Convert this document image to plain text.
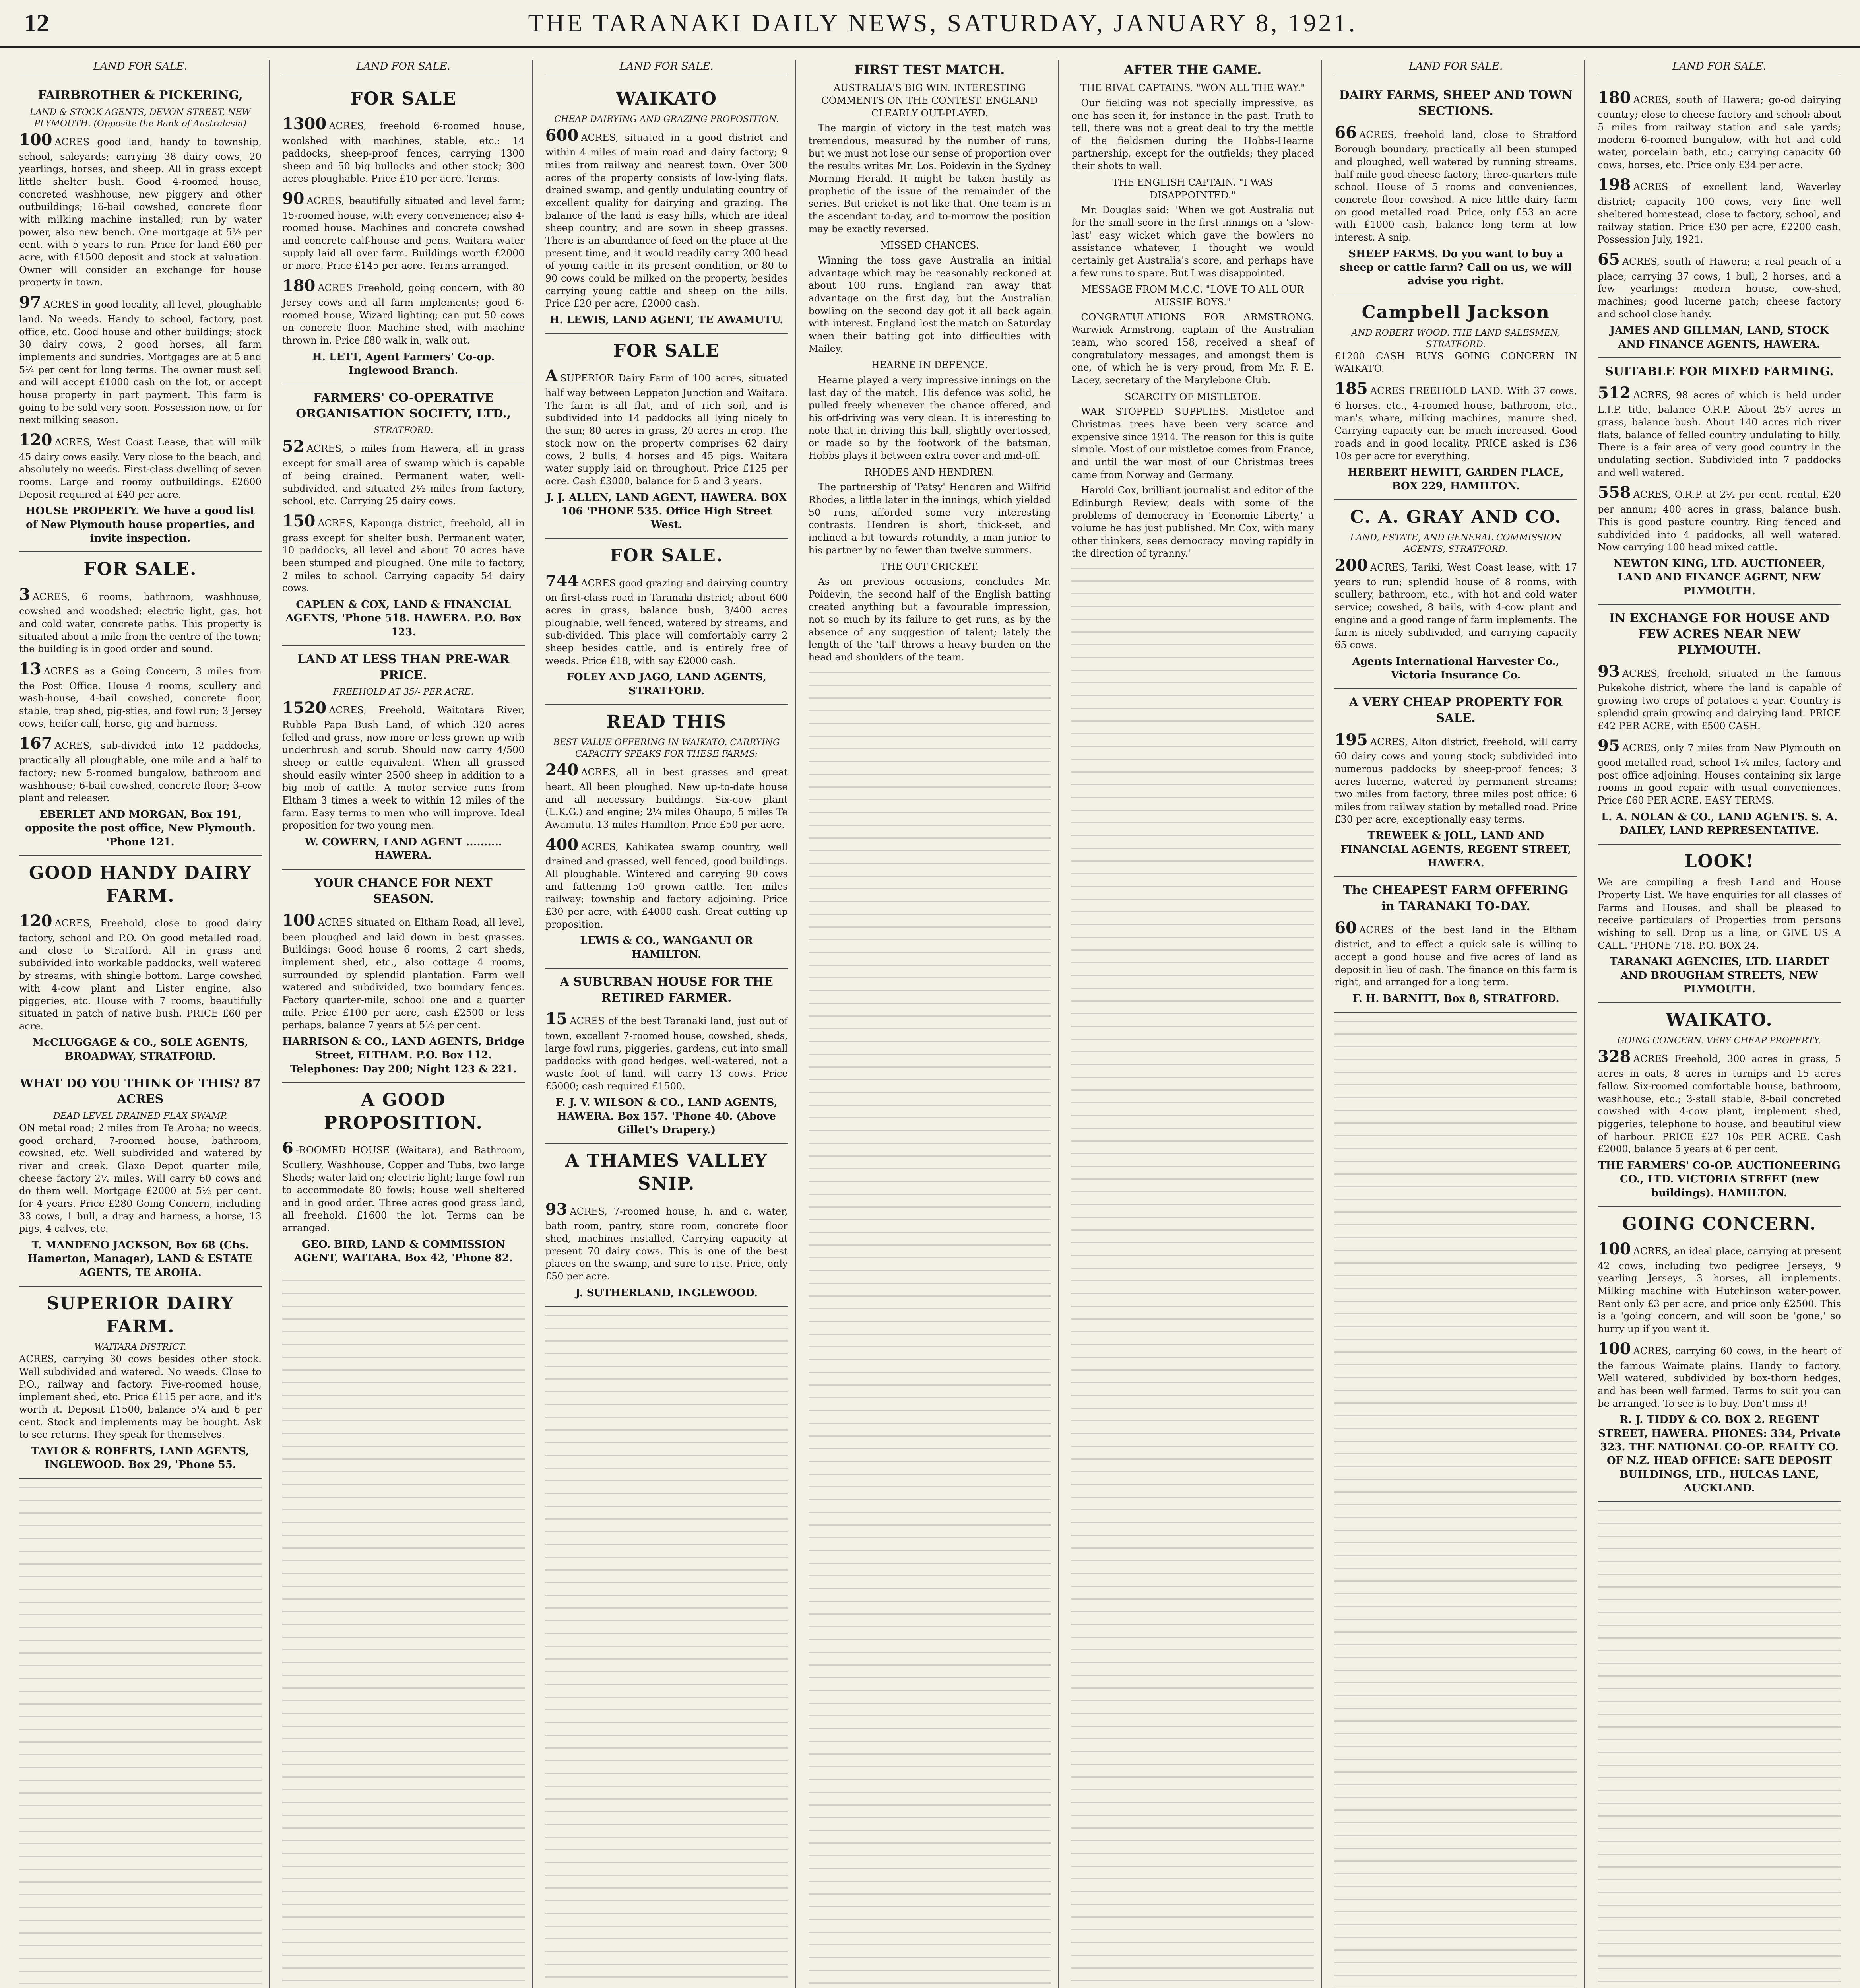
12	THE TARANAKI DAILY NEWS, SATURDAY, JANUARY 8, 1921.
LAND FOR SALE.
FAIRBROTHER & PICKERING,
LAND & STOCK AGENTS, DEVON STREET, NEW PLYMOUTH. (Opposite the Bank of Australasia)

100 ACRES good land, handy to township, school, saleyards; carrying 38 dairy cows, 20 yearlings, horses, and sheep. All in grass except little shelter bush. Good 4-roomed house, concreted washhouse, new piggery and other outbuildings; 16-bail cowshed, concrete floor with milking machine installed; run by water power, also new bench. One mortgage at 5½ per cent. with 5 years to run. Price for land £60 per acre, with £1500 deposit and stock at valuation. Owner will consider an exchange for house property in town.

97 ACRES in good locality, all level, ploughable land. No weeds. Handy to school, factory, post office, etc. Good house and other buildings; stock 30 dairy cows, 2 good horses, all farm implements and sundries. Mortgages are at 5 and 5¼ per cent for long terms. The owner must sell and will accept £1000 cash on the lot, or accept house property in part payment. This farm is going to be sold very soon. Possession now, or for next milking season.

120 ACRES, West Coast Lease, that will milk 45 dairy cows easily. Very close to the beach, and absolutely no weeds. First-class dwelling of seven rooms. Large and roomy outbuildings. £2600 Deposit required at £40 per acre.

HOUSE PROPERTY. We have a good list of New Plymouth house properties, and invite inspection.
FOR SALE.

3 ACRES, 6 rooms, bathroom, washhouse, cowshed and woodshed; electric light, gas, hot and cold water, concrete paths. This property is situated about a mile from the centre of the town; the building is in good order and sound.

13 ACRES as a Going Concern, 3 miles from the Post Office. House 4 rooms, scullery and wash-house, 4-bail cowshed, concrete floor, stable, trap shed, pig-sties, and fowl run; 3 Jersey cows, heifer calf, horse, gig and harness.

167 ACRES, sub-divided into 12 paddocks, practically all ploughable, one mile and a half to factory; new 5-roomed bungalow, bathroom and washhouse; 6-bail cowshed, concrete floor; 3-cow plant and releaser.

EBERLET AND MORGAN, Box 191, opposite the post office, New Plymouth. 'Phone 121.
GOOD HANDY DAIRY FARM.

120 ACRES, Freehold, close to good dairy factory, school and P.O. On good metalled road, and close to Stratford. All in grass and subdivided into workable paddocks, well watered by streams, with shingle bottom. Large cowshed with 4-cow plant and Lister engine, also piggeries, etc. House with 7 rooms, beautifully situated in patch of native bush. PRICE £60 per acre.

McCLUGGAGE & CO., SOLE AGENTS, BROADWAY, STRATFORD.
WHAT DO YOU THINK OF THIS? 87 ACRES
DEAD LEVEL DRAINED FLAX SWAMP.

ON metal road; 2 miles from Te Aroha; no weeds, good orchard, 7-roomed house, bathroom, cowshed, etc. Well subdivided and watered by river and creek. Glaxo Depot quarter mile, cheese factory 2½ miles. Will carry 60 cows and do them well. Mortgage £2000 at 5½ per cent. for 4 years. Price £280 Going Concern, including 33 cows, 1 bull, a dray and harness, a horse, 13 pigs, 4 calves, etc.

T. MANDENO JACKSON, Box 68 (Chs. Hamerton, Manager), LAND & ESTATE AGENTS, TE AROHA.
SUPERIOR DAIRY FARM.
WAITARA DISTRICT.

ACRES, carrying 30 cows besides other stock. Well subdivided and watered. No weeds. Close to P.O., railway and factory. Five-roomed house, implement shed, etc. Price £115 per acre, and it's worth it. Deposit £1500, balance 5¼ and 6 per cent. Stock and implements may be bought. Ask to see returns. They speak for themselves.

TAYLOR & ROBERTS, LAND AGENTS, INGLEWOOD. Box 29, 'Phone 55.
LAND FOR SALE.
FOR SALE

1300 ACRES, freehold 6-roomed house, woolshed with machines, stable, etc.; 14 paddocks, sheep-proof fences, carrying 1300 sheep and 50 big bullocks and other stock; 300 acres ploughable. Price £10 per acre. Terms.

90 ACRES, beautifully situated and level farm; 15-roomed house, with every convenience; also 4-roomed house. Machines and concrete cowshed and concrete calf-house and pens. Waitara water supply laid all over farm. Buildings worth £2000 or more. Price £145 per acre. Terms arranged.

180 ACRES Freehold, going concern, with 80 Jersey cows and all farm implements; good 6-roomed house, Wizard lighting; can put 50 cows on concrete floor. Machine shed, with machine thrown in. Price £80 walk in, walk out.

H. LETT, Agent Farmers' Co-op. Inglewood Branch.
FARMERS' CO-OPERATIVE ORGANISATION SOCIETY, LTD.,
STRATFORD.

52 ACRES, 5 miles from Hawera, all in grass except for small area of swamp which is capable of being drained. Permanent water, well-subdivided, and situated 2½ miles from factory, school, etc. Carrying 25 dairy cows.

150 ACRES, Kaponga district, freehold, all in grass except for shelter bush. Permanent water, 10 paddocks, all level and about 70 acres have been stumped and ploughed. One mile to factory, 2 miles to school. Carrying capacity 54 dairy cows.

CAPLEN & COX, LAND & FINANCIAL AGENTS, 'Phone 518. HAWERA. P.O. Box 123.
LAND AT LESS THAN PRE-WAR PRICE.
FREEHOLD AT 35/- PER ACRE.

1520 ACRES, Freehold, Waitotara River, Rubble Papa Bush Land, of which 320 acres felled and grass, now more or less grown up with underbrush and scrub. Should now carry 4/500 sheep or cattle equivalent. When all grassed should easily winter 2500 sheep in addition to a big mob of cattle. A motor service runs from Eltham 3 times a week to within 12 miles of the farm. Easy terms to men who will improve. Ideal proposition for two young men.

W. COWERN, LAND AGENT .......... HAWERA.
YOUR CHANCE FOR NEXT SEASON.

100 ACRES situated on Eltham Road, all level, been ploughed and laid down in best grasses. Buildings: Good house 6 rooms, 2 cart sheds, implement shed, etc., also cottage 4 rooms, surrounded by splendid plantation. Farm well watered and subdivided, two boundary fences. Factory quarter-mile, school one and a quarter mile. Price £100 per acre, cash £2500 or less perhaps, balance 7 years at 5½ per cent.

HARRISON & CO., LAND AGENTS, Bridge Street, ELTHAM. P.O. Box 112. Telephones: Day 200; Night 123 & 221.
A GOOD PROPOSITION.

6 -ROOMED HOUSE (Waitara), and Bathroom, Scullery, Washhouse, Copper and Tubs, two large Sheds; water laid on; electric light; large fowl run to accommodate 80 fowls; house well sheltered and in good order. Three acres good grass land, all freehold. £1600 the lot. Terms can be arranged.

GEO. BIRD, LAND & COMMISSION AGENT, WAITARA. Box 42, 'Phone 82.
LAND FOR SALE.
WAIKATO
CHEAP DAIRYING AND GRAZING PROPOSITION.

600 ACRES, situated in a good district and within 4 miles of main road and dairy factory; 9 miles from railway and nearest town. Over 300 acres of the property consists of low-lying flats, drained swamp, and gently undulating country of excellent quality for dairying and grazing. The balance of the land is easy hills, which are ideal sheep country, and are sown in sheep grasses. There is an abundance of feed on the place at the present time, and it would readily carry 200 head of young cattle in its present condition, or 80 to 90 cows could be milked on the property, besides carrying young cattle and sheep on the hills. Price £20 per acre, £2000 cash.

H. LEWIS, LAND AGENT, TE AWAMUTU.
FOR SALE

ASUPERIOR Dairy Farm of 100 acres, situated half way between Leppeton Junction and Waitara. The farm is all flat, and of rich soil, and is subdivided into 14 paddocks all lying nicely to the sun; 80 acres in grass, 20 acres in crop. The stock now on the property comprises 62 dairy cows, 2 bulls, 4 horses and 45 pigs. Waitara water supply laid on throughout. Price £125 per acre. Cash £3000, balance for 5 and 3 years.

J. J. ALLEN, LAND AGENT, HAWERA. BOX 106 'PHONE 535. Office High Street West.
FOR SALE.

744 ACRES good grazing and dairying country on first-class road in Taranaki district; about 600 acres in grass, balance bush, 3/400 acres ploughable, well fenced, watered by streams, and sub-divided. This place will comfortably carry 2 sheep besides cattle, and is entirely free of weeds. Price £18, with say £2000 cash.

FOLEY AND JAGO, LAND AGENTS, STRATFORD.
READ THIS
BEST VALUE OFFERING IN WAIKATO. CARRYING CAPACITY SPEAKS FOR THESE FARMS:

240 ACRES, all in best grasses and great heart. All been ploughed. New up-to-date house and all necessary buildings. Six-cow plant (L.K.G.) and engine; 2¼ miles Ohaupo, 5 miles Te Awamutu, 13 miles Hamilton. Price £50 per acre.

400 ACRES, Kahikatea swamp country, well drained and grassed, well fenced, good buildings. All ploughable. Wintered and carrying 90 cows and fattening 150 grown cattle. Ten miles railway; township and factory adjoining. Price £30 per acre, with £4000 cash. Great cutting up proposition.

LEWIS & CO., WANGANUI OR HAMILTON.
A SUBURBAN HOUSE FOR THE RETIRED FARMER.

15 ACRES of the best Taranaki land, just out of town, excellent 7-roomed house, cowshed, sheds, large fowl runs, piggeries, gardens, cut into small paddocks with good hedges, well-watered, not a waste foot of land, will carry 13 cows. Price £5000; cash required £1500.

F. J. V. WILSON & CO., LAND AGENTS, HAWERA. Box 157. 'Phone 40. (Above Gillet's Drapery.)
A THAMES VALLEY SNIP.

93 ACRES, 7-roomed house, h. and c. water, bath room, pantry, store room, concrete floor shed, machines installed. Carrying capacity at present 70 dairy cows. This is one of the best places on the swamp, and sure to rise. Price, only £50 per acre.

J. SUTHERLAND, INGLEWOOD.
FIRST TEST MATCH.
AUSTRALIA'S BIG WIN. INTERESTING COMMENTS ON THE CONTEST. ENGLAND CLEARLY OUT-PLAYED.

The margin of victory in the test match was tremendous, measured by the number of runs, but we must not lose our sense of proportion over the results writes Mr. Los. Poidevin in the Sydney Morning Herald. It might be taken hastily as prophetic of the issue of the remainder of the series. But cricket is not like that. One team is in the ascendant to-day, and to-morrow the position may be exactly reversed.

MISSED CHANCES.

Winning the toss gave Australia an initial advantage which may be reasonably reckoned at about 100 runs. England ran away that advantage on the first day, but the Australian bowling on the second day got it all back again with interest. England lost the match on Saturday when their batting got into difficulties with Mailey.

HEARNE IN DEFENCE.

Hearne played a very impressive innings on the last day of the match. His defence was solid, he pulled freely whenever the chance offered, and his off-driving was very clean. It is interesting to note that in driving this ball, slightly overtossed, or made so by the footwork of the batsman, Hobbs plays it between extra cover and mid-off.

RHODES AND HENDREN.

The partnership of 'Patsy' Hendren and Wilfrid Rhodes, a little later in the innings, which yielded 50 runs, afforded some very interesting contrasts. Hendren is short, thick-set, and inclined a bit towards rotundity, a man junior to his partner by no fewer than twelve summers.

THE OUT CRICKET.

As on previous occasions, concludes Mr. Poidevin, the second half of the English batting created anything but a favourable impression, not so much by its failure to get runs, as by the absence of any suggestion of talent; lately the length of the 'tail' throws a heavy burden on the head and shoulders of the team.

AFTER THE GAME.
THE RIVAL CAPTAINS. "WON ALL THE WAY."

Our fielding was not specially impressive, as one has seen it, for instance in the past. Truth to tell, there was not a great deal to try the mettle of the fieldsmen during the Hobbs-Hearne partnership, except for the outfields; they placed their shots to well.

THE ENGLISH CAPTAIN. "I WAS DISAPPOINTED."

Mr. Douglas said: "When we got Australia out for the small score in the first innings on a 'slow-last' easy wicket which gave the bowlers no assistance whatever, I thought we would certainly get Australia's score, and perhaps have a few runs to spare. But I was disappointed.

MESSAGE FROM M.C.C. "LOVE TO ALL OUR AUSSIE BOYS."

CONGRATULATIONS FOR ARMSTRONG. Warwick Armstrong, captain of the Australian team, who scored 158, received a sheaf of congratulatory messages, and amongst them is one, of which he is very proud, from Mr. F. E. Lacey, secretary of the Marylebone Club.

SCARCITY OF MISTLETOE.

WAR STOPPED SUPPLIES. Mistletoe and Christmas trees have been very scarce and expensive since 1914. The reason for this is quite simple. Most of our mistletoe comes from France, and until the war most of our Christmas trees came from Norway and Germany.

Harold Cox, brilliant journalist and editor of the Edinburgh Review, deals with some of the problems of democracy in 'Economic Liberty,' a volume he has just published. Mr. Cox, with many other thinkers, sees democracy 'moving rapidly in the direction of tyranny.'

LAND FOR SALE.
DAIRY FARMS, SHEEP AND TOWN SECTIONS.

66 ACRES, freehold land, close to Stratford Borough boundary, practically all been stumped and ploughed, well watered by running streams, half mile good cheese factory, three-quarters mile school. House of 5 rooms and conveniences, concrete floor cowshed. A nice little dairy farm on good metalled road. Price, only £53 an acre with £1000 cash, balance long term at low interest. A snip.

SHEEP FARMS. Do you want to buy a sheep or cattle farm? Call on us, we will advise you right.
Campbell Jackson
AND ROBERT WOOD. THE LAND SALESMEN, STRATFORD.

£1200 CASH BUYS GOING CONCERN IN WAIKATO.

185 ACRES FREEHOLD LAND. With 37 cows, 6 horses, etc., 4-roomed house, bathroom, etc., man's whare, milking machines, manure shed. Carrying capacity can be much increased. Good roads and in good locality. PRICE asked is £36 10s per acre for everything.

HERBERT HEWITT, GARDEN PLACE, BOX 229, HAMILTON.
C. A. GRAY AND CO.
LAND, ESTATE, AND GENERAL COMMISSION AGENTS, STRATFORD.

200 ACRES, Tariki, West Coast lease, with 17 years to run; splendid house of 8 rooms, with scullery, bathroom, etc., with hot and cold water service; cowshed, 8 bails, with 4-cow plant and engine and a good range of farm implements. The farm is nicely subdivided, and carrying capacity 65 cows.

Agents International Harvester Co., Victoria Insurance Co.
A VERY CHEAP PROPERTY FOR SALE.

195 ACRES, Alton district, freehold, will carry 60 dairy cows and young stock; subdivided into numerous paddocks by sheep-proof fences; 3 acres lucerne, watered by permanent streams; two miles from factory, three miles post office; 6 miles from railway station by metalled road. Price £30 per acre, exceptionally easy terms.

TREWEEK & JOLL, LAND AND FINANCIAL AGENTS, REGENT STREET, HAWERA.
The CHEAPEST FARM OFFERING in TARANAKI TO-DAY.

60 ACRES of the best land in the Eltham district, and to effect a quick sale is willing to accept a good house and five acres of land as deposit in lieu of cash. The finance on this farm is right, and arranged for a long term.

F. H. BARNITT, Box 8, STRATFORD.
LAND FOR SALE.

180 ACRES, south of Hawera; go-od dairying country; close to cheese factory and school; about 5 miles from railway station and sale yards; modern 6-roomed bungalow, with hot and cold water, porcelain bath, etc.; carrying capacity 60 cows, horses, etc. Price only £34 per acre.

198 ACRES of excellent land, Waverley district; capacity 100 cows, very fine well sheltered homestead; close to factory, school, and railway station. Price £30 per acre, £2200 cash. Possession July, 1921.

65 ACRES, south of Hawera; a real peach of a place; carrying 37 cows, 1 bull, 2 horses, and a few yearlings; modern house, cow-shed, machines; good lucerne patch; cheese factory and school close handy.

JAMES AND GILLMAN, LAND, STOCK AND FINANCE AGENTS, HAWERA.
SUITABLE FOR MIXED FARMING.

512 ACRES, 98 acres of which is held under L.I.P. title, balance O.R.P. About 257 acres in grass, balance bush. About 140 acres rich river flats, balance of felled country undulating to hilly. There is a fair area of very good country in the undulating section. Subdivided into 7 paddocks and well watered.

558 ACRES, O.R.P. at 2½ per cent. rental, £20 per annum; 400 acres in grass, balance bush. This is good pasture country. Ring fenced and subdivided into 4 paddocks, all well watered. Now carrying 100 head mixed cattle.

NEWTON KING, LTD. AUCTIONEER, LAND AND FINANCE AGENT, NEW PLYMOUTH.
IN EXCHANGE FOR HOUSE AND FEW ACRES NEAR NEW PLYMOUTH.

93 ACRES, freehold, situated in the famous Pukekohe district, where the land is capable of growing two crops of potatoes a year. Country is splendid grain growing and dairying land. PRICE £42 PER ACRE, with £500 CASH.

95 ACRES, only 7 miles from New Plymouth on good metalled road, school 1¼ miles, factory and post office adjoining. Houses containing six large rooms in good repair with usual conveniences. Price £60 PER ACRE. EASY TERMS.

L. A. NOLAN & CO., LAND AGENTS. S. A. DAILEY, LAND REPRESENTATIVE.
LOOK!

We are compiling a fresh Land and House Property List. We have enquiries for all classes of Farms and Houses, and shall be pleased to receive particulars of Properties from persons wishing to sell. Drop us a line, or GIVE US A CALL. 'PHONE 718. P.O. BOX 24.

TARANAKI AGENCIES, LTD. LIARDET AND BROUGHAM STREETS, NEW PLYMOUTH.
WAIKATO.
GOING CONCERN. VERY CHEAP PROPERTY.

328 ACRES Freehold, 300 acres in grass, 5 acres in oats, 8 acres in turnips and 15 acres fallow. Six-roomed comfortable house, bathroom, washhouse, etc.; 3-stall stable, 8-bail concreted cowshed with 4-cow plant, implement shed, piggeries, telephone to house, and beautiful view of harbour. PRICE £27 10s PER ACRE. Cash £2000, balance 5 years at 6 per cent.

THE FARMERS' CO-OP. AUCTIONEERING CO., LTD. VICTORIA STREET (new buildings). HAMILTON.
GOING CONCERN.

100 ACRES, an ideal place, carrying at present 42 cows, including two pedigree Jerseys, 9 yearling Jerseys, 3 horses, all implements. Milking machine with Hutchinson water-power. Rent only £3 per acre, and price only £2500. This is a 'going' concern, and will soon be 'gone,' so hurry up if you want it.

100 ACRES, carrying 60 cows, in the heart of the famous Waimate plains. Handy to factory. Well watered, subdivided by box-thorn hedges, and has been well farmed. Terms to suit you can be arranged. To see is to buy. Don't miss it!

R. J. TIDDY & CO. BOX 2. REGENT STREET, HAWERA. PHONES: 334, Private 323. THE NATIONAL CO-OP. REALTY CO. OF N.Z. HEAD OFFICE: SAFE DEPOSIT BUILDINGS, LTD., HULCAS LANE, AUCKLAND.
